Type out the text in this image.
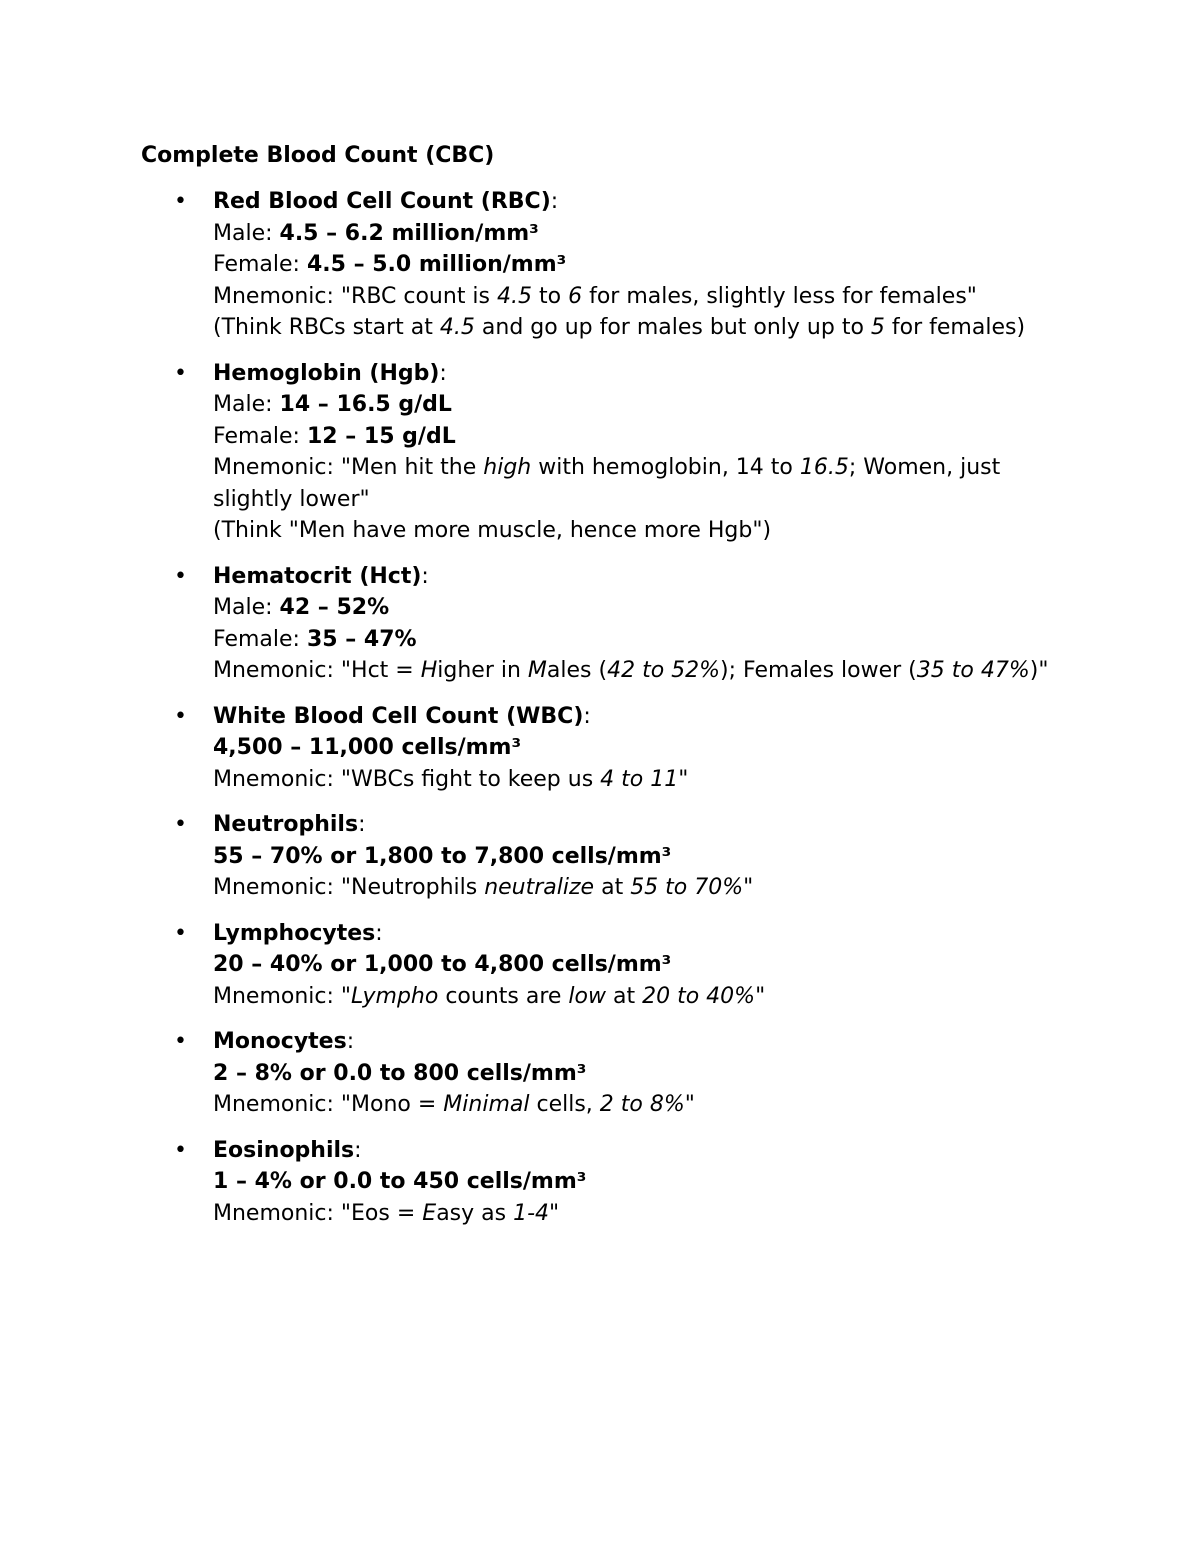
Complete Blood Count (CBC)
• Red Blood Cell Count (RBC):
Male: 4.5 – 6.2 million/mm³
Female: 4.5 – 5.0 million/mm³
Mnemonic: "RBC count is 4.5 to 6 for males, slightly less for females"
(Think RBCs start at 4.5 and go up for males but only up to 5 for females)
• Hemoglobin (Hgb):
Male: 14 – 16.5 g/dL
Female: 12 – 15 g/dL
Mnemonic: "Men hit the high with hemoglobin, 14 to 16.5; Women, just slightly lower"
(Think "Men have more muscle, hence more Hgb")
• Hematocrit (Hct):
Male: 42 – 52%
Female: 35 – 47%
Mnemonic: "Hct = Higher in Males (42 to 52%); Females lower (35 to 47%)"
• White Blood Cell Count (WBC):
4,500 – 11,000 cells/mm³
Mnemonic: "WBCs fight to keep us 4 to 11"
• Neutrophils:
55 – 70% or 1,800 to 7,800 cells/mm³
Mnemonic: "Neutrophils neutralize at 55 to 70%"
• Lymphocytes:
20 – 40% or 1,000 to 4,800 cells/mm³
Mnemonic: "Lympho counts are low at 20 to 40%"
• Monocytes:
2 – 8% or 0.0 to 800 cells/mm³
Mnemonic: "Mono = Minimal cells, 2 to 8%"
• Eosinophils:
1 – 4% or 0.0 to 450 cells/mm³
Mnemonic: "Eos = Easy as 1-4"
